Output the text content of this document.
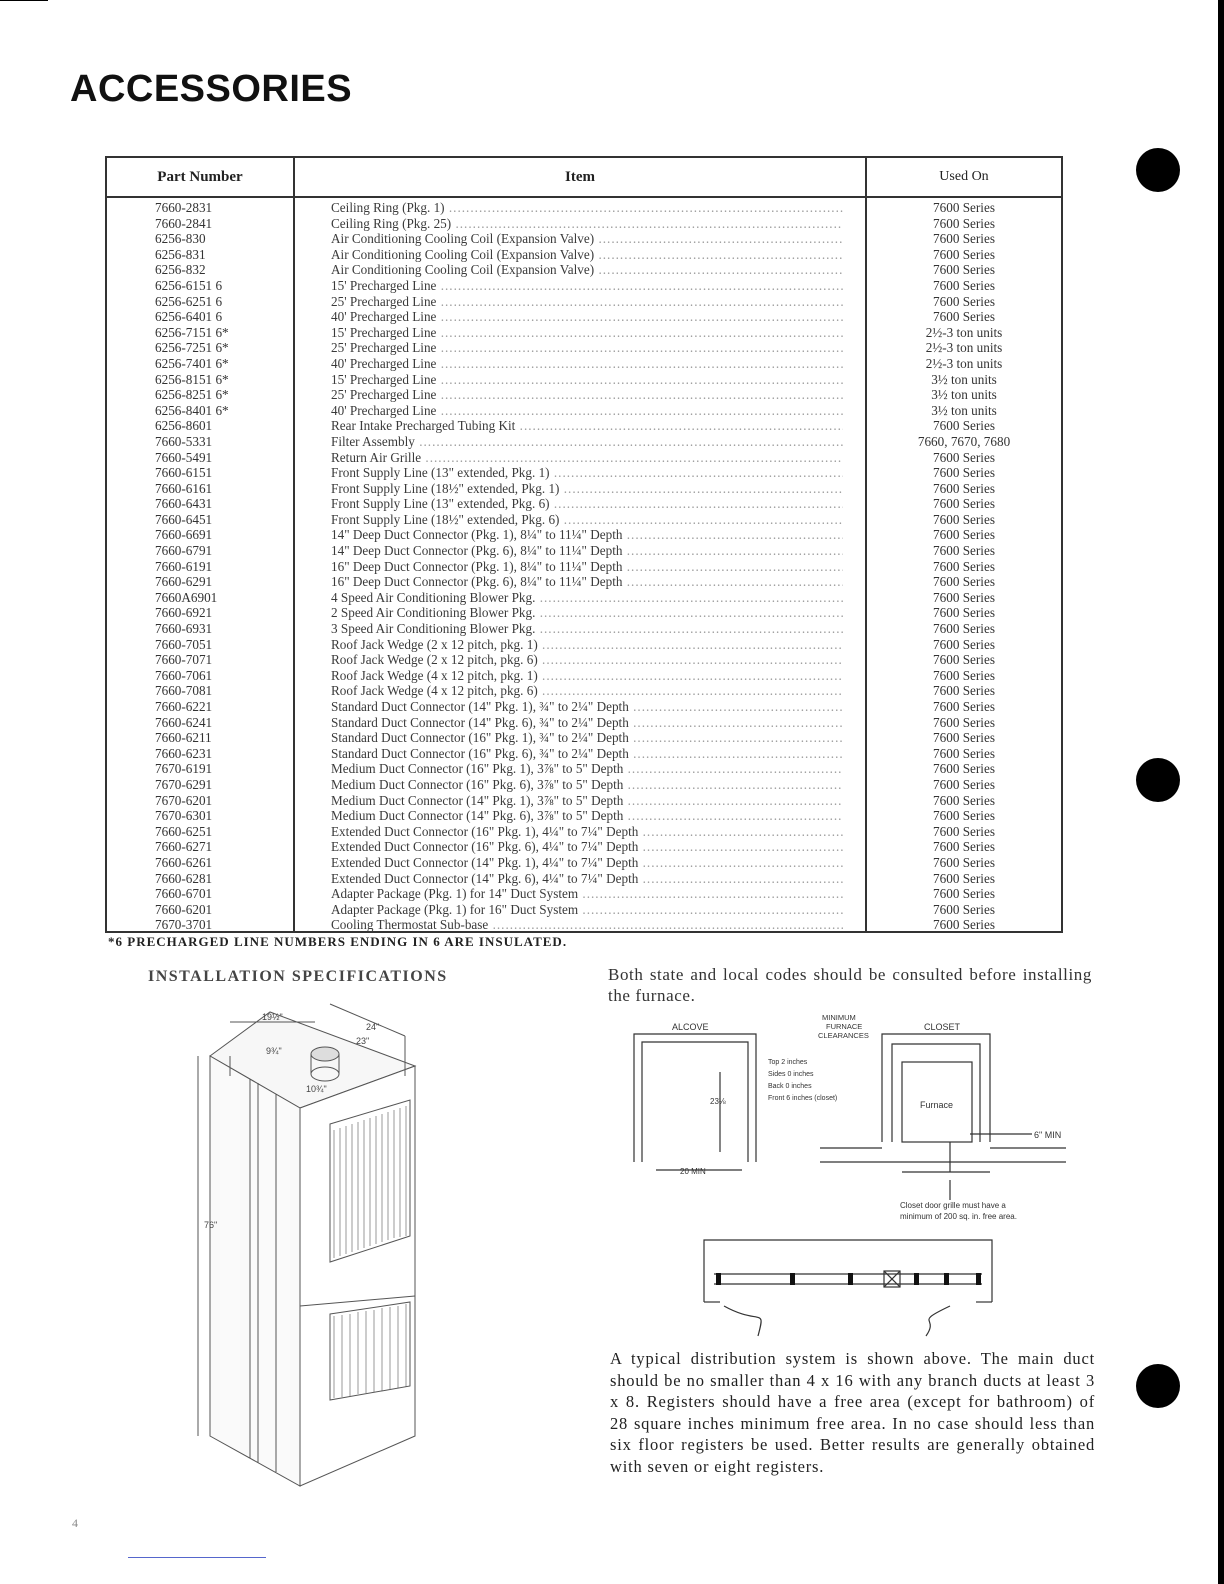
ACCESSORIES
Part Number	Item	Used On
7660-2831	Ceiling Ring (Pkg. 1) .....	7600 Series
7660-2841	Ceiling Ring (Pkg. 25) .....	7600 Series
6256-830	Air Conditioning Cooling Coil (Expansion Valve) .....	7600 Series
6256-831	Air Conditioning Cooling Coil (Expansion Valve) .....	7600 Series
6256-832	Air Conditioning Cooling Coil (Expansion Valve) .....	7600 Series
6256-6151 6	15' Precharged Line .....	7600 Series
6256-6251 6	25' Precharged Line .....	7600 Series
6256-6401 6	40' Precharged Line .....	7600 Series
6256-7151 6*	15' Precharged Line .....	2½-3 ton units
6256-7251 6*	25' Precharged Line .....	2½-3 ton units
6256-7401 6*	40' Precharged Line .....	2½-3 ton units
6256-8151 6*	15' Precharged Line .....	3½ ton units
6256-8251 6*	25' Precharged Line .....	3½ ton units
6256-8401 6*	40' Precharged Line .....	3½ ton units
6256-8601	Rear Intake Precharged Tubing Kit .....	7600 Series
7660-5331	Filter Assembly .....	7660, 7670, 7680
7660-5491	Return Air Grille .....	7600 Series
7660-6151	Front Supply Line (13" extended, Pkg. 1) .....	7600 Series
7660-6161	Front Supply Line (18½" extended, Pkg. 1) .....	7600 Series
7660-6431	Front Supply Line (13" extended, Pkg. 6) .....	7600 Series
7660-6451	Front Supply Line (18½" extended, Pkg. 6) .....	7600 Series
7660-6691	14" Deep Duct Connector (Pkg. 1), 8¼" to 11¼" Depth .....	7600 Series
7660-6791	14" Deep Duct Connector (Pkg. 6), 8¼" to 11¼" Depth .....	7600 Series
7660-6191	16" Deep Duct Connector (Pkg. 1), 8¼" to 11¼" Depth .....	7600 Series
7660-6291	16" Deep Duct Connector (Pkg. 6), 8¼" to 11¼" Depth .....	7600 Series
7660A6901	4 Speed Air Conditioning Blower Pkg. .....	7600 Series
7660-6921	2 Speed Air Conditioning Blower Pkg. .....	7600 Series
7660-6931	3 Speed Air Conditioning Blower Pkg. .....	7600 Series
7660-7051	Roof Jack Wedge (2 x 12 pitch, pkg. 1) .....	7600 Series
7660-7071	Roof Jack Wedge (2 x 12 pitch, pkg. 6) .....	7600 Series
7660-7061	Roof Jack Wedge (4 x 12 pitch, pkg. 1) .....	7600 Series
7660-7081	Roof Jack Wedge (4 x 12 pitch, pkg. 6) .....	7600 Series
7660-6221	Standard Duct Connector (14" Pkg. 1), ¾" to 2¼" Depth .....	7600 Series
7660-6241	Standard Duct Connector (14" Pkg. 6), ¾" to 2¼" Depth .....	7600 Series
7660-6211	Standard Duct Connector (16" Pkg. 1), ¾" to 2¼" Depth .....	7600 Series
7660-6231	Standard Duct Connector (16" Pkg. 6), ¾" to 2¼" Depth .....	7600 Series
7670-6191	Medium Duct Connector (16" Pkg. 1), 3⅞" to 5" Depth .....	7600 Series
7670-6291	Medium Duct Connector (16" Pkg. 6), 3⅞" to 5" Depth .....	7600 Series
7670-6201	Medium Duct Connector (14" Pkg. 1), 3⅞" to 5" Depth .....	7600 Series
7670-6301	Medium Duct Connector (14" Pkg. 6), 3⅞" to 5" Depth .....	7600 Series
7660-6251	Extended Duct Connector (16" Pkg. 1), 4¼" to 7¼" Depth .....	7600 Series
7660-6271	Extended Duct Connector (16" Pkg. 6), 4¼" to 7¼" Depth .....	7600 Series
7660-6261	Extended Duct Connector (14" Pkg. 1), 4¼" to 7¼" Depth .....	7600 Series
7660-6281	Extended Duct Connector (14" Pkg. 6), 4¼" to 7¼" Depth .....	7600 Series
7660-6701	Adapter Package (Pkg. 1) for 14" Duct System .....	7600 Series
7660-6201	Adapter Package (Pkg. 1) for 16" Duct System .....	7600 Series
7670-3701	Cooling Thermostat Sub-base .....	7600 Series
*6 PRECHARGED LINE NUMBERS ENDING IN 6 ARE INSULATED.
INSTALLATION SPECIFICATIONS
19½"
24"
23"
9¾"
10¾"
76"
Both state and local codes should be consulted before installing the furnace.
ALCOVE	CLOSET
MINIMUM
FURNACE
CLEARANCES
Top 2 inches
Sides 0 inches
Back 0 inches
Front 6 inches (closet)
23⅛
20 MIN
Furnace
6" MIN
Closet door grille must have a
minimum of 200 sq. in. free area.
A typical distribution system is shown above. The main duct should be no smaller than 4 x 16 with any branch ducts at least 3 x 8. Registers should have a free area (except for bathroom) of 28 square inches minimum free area. In no case should less than six floor registers be used. Better results are generally obtained with seven or eight registers.
4
